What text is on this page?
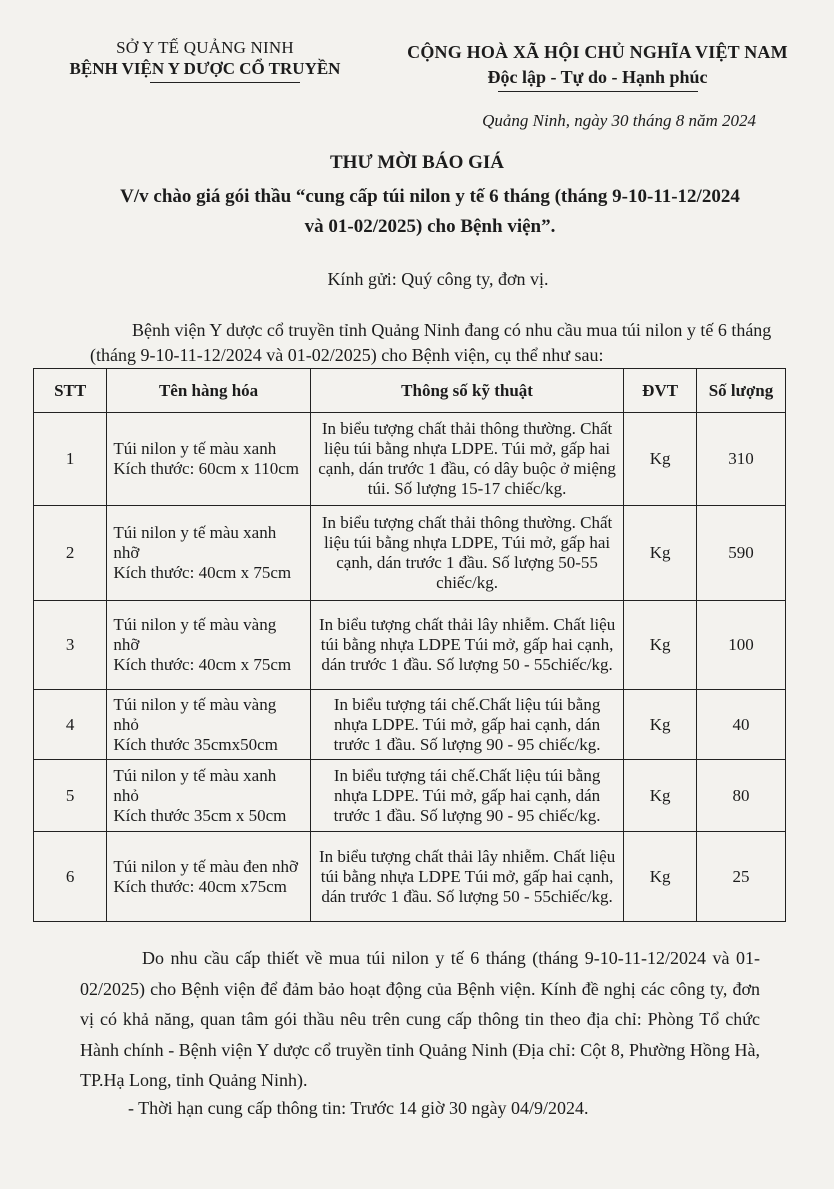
SỞ Y TẾ QUẢNG NINH
BỆNH VIỆN Y DƯỢC CỔ TRUYỀN
CỘNG HOÀ XÃ HỘI CHỦ NGHĨA VIỆT NAM
Độc lập - Tự do - Hạnh phúc
Quảng Ninh, ngày 30 tháng 8 năm 2024
THƯ MỜI BÁO GIÁ
V/v chào giá gói thầu “cung cấp túi nilon y tế 6 tháng (tháng 9-10-11-12/2024 và 01-02/2025) cho Bệnh viện”.
Kính gửi: Quý công ty, đơn vị.
Bệnh viện Y dược cổ truyền tỉnh Quảng Ninh đang có nhu cầu mua túi nilon y tế 6 tháng (tháng 9-10-11-12/2024 và 01-02/2025) cho Bệnh viện, cụ thể như sau:
STT	Tên hàng hóa	Thông số kỹ thuật	ĐVT	Số lượng
1	Túi nilon y tế màu xanh
Kích thước: 60cm x 110cm	In biểu tượng chất thải thông thường. Chất liệu túi bằng nhựa LDPE. Túi mở, gấp hai cạnh, dán trước 1 đầu, có dây buộc ở miệng túi. Số lượng 15-17 chiếc/kg.	Kg	310
2	Túi nilon y tế màu xanh nhỡ
Kích thước: 40cm x 75cm	In biểu tượng chất thải thông thường. Chất liệu túi bằng nhựa LDPE, Túi mở, gấp hai cạnh, dán trước 1 đầu. Số lượng 50-55 chiếc/kg.	Kg	590
3	Túi nilon y tế màu vàng nhỡ
Kích thước: 40cm x 75cm	In biểu tượng chất thải lây nhiễm. Chất liệu túi bằng nhựa LDPE Túi mở, gấp hai cạnh, dán trước 1 đầu. Số lượng 50 - 55chiếc/kg.	Kg	100
4	Túi nilon y tế màu vàng nhỏ
Kích thước 35cmx50cm	In biểu tượng tái chế.Chất liệu túi bằng nhựa LDPE. Túi mở, gấp hai cạnh, dán trước 1 đầu. Số lượng 90 - 95 chiếc/kg.	Kg	40
5	Túi nilon y tế màu xanh nhỏ
Kích thước 35cm x 50cm	In biểu tượng tái chế.Chất liệu túi bằng nhựa LDPE. Túi mở, gấp hai cạnh, dán trước 1 đầu. Số lượng 90 - 95 chiếc/kg.	Kg	80
6	Túi nilon y tế màu đen nhỡ
Kích thước: 40cm x75cm	In biểu tượng chất thải lây nhiễm. Chất liệu túi bằng nhựa LDPE Túi mở, gấp hai cạnh, dán trước 1 đầu. Số lượng 50 - 55chiếc/kg.	Kg	25
Do nhu cầu cấp thiết về mua túi nilon y tế 6 tháng (tháng 9-10-11-12/2024 và 01-02/2025) cho Bệnh viện để đảm bảo hoạt động của Bệnh viện. Kính đề nghị các công ty, đơn vị có khả năng, quan tâm gói thầu nêu trên cung cấp thông tin theo địa chỉ: Phòng Tổ chức Hành chính - Bệnh viện Y dược cổ truyền tỉnh Quảng Ninh (Địa chỉ: Cột 8, Phường Hồng Hà, TP.Hạ Long, tỉnh Quảng Ninh).
- Thời hạn cung cấp thông tin: Trước 14 giờ 30 ngày 04/9/2024.
